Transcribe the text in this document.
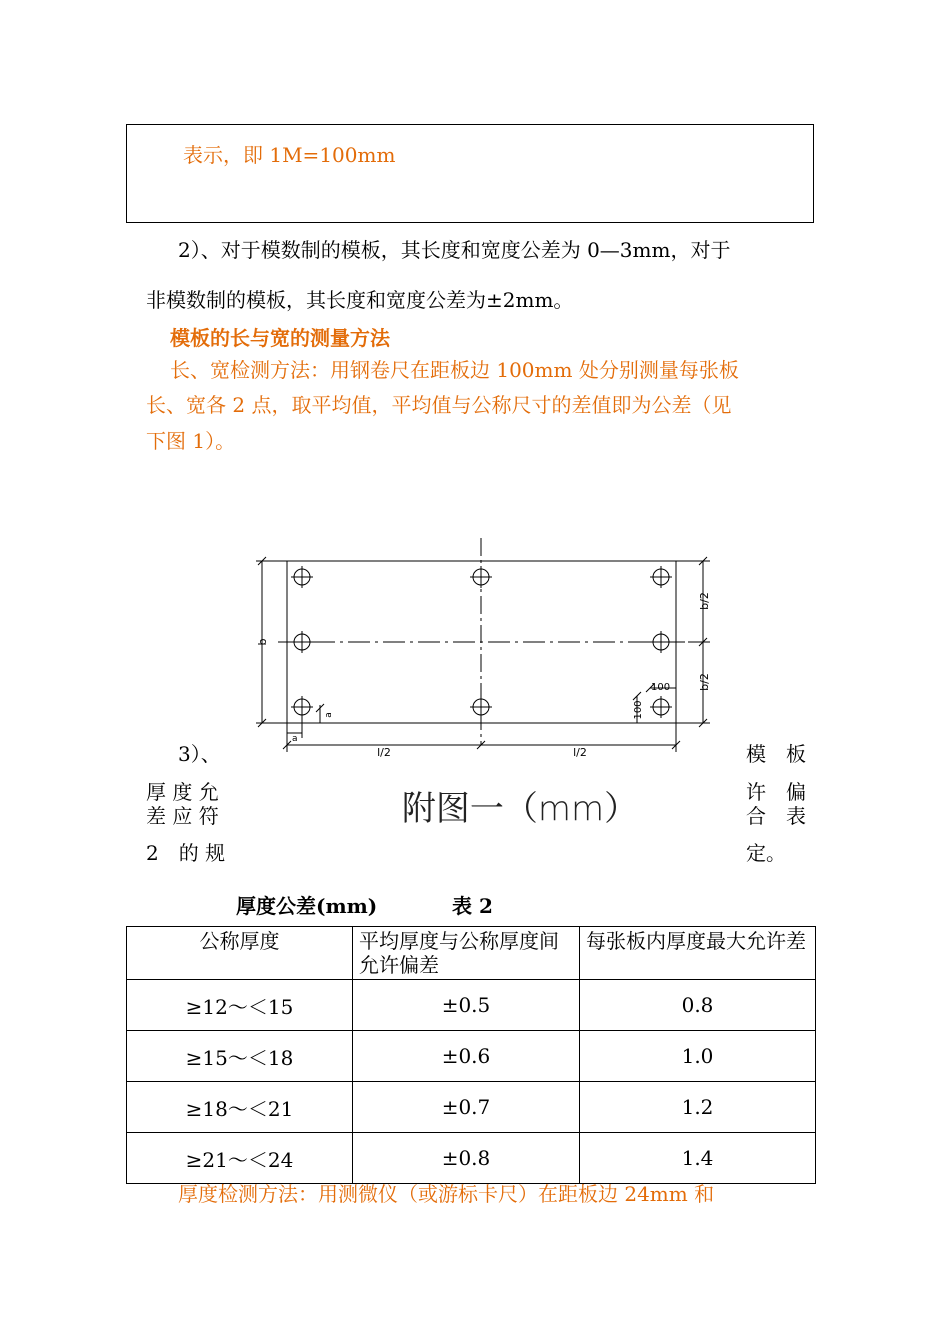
表示，即 1M=100mm
2）、对于模数制的模板，其长度和宽度公差为 0—3mm，对于
非模数制的模板，其长度和宽度公差为±2mm。
模板的长与宽的测量方法
长、宽检测方法：用钢卷尺在距板边 100mm 处分别测量每张板
长、宽各 2 点，取平均值，平均值与公称尺寸的差值即为公差（见
下图 1）。
b
b/2
b/2
100
100
a
a
l/2	l/2
附图一（mm）
3）、
厚 度 允
差 应 符
2　的 规
模　板
许　偏
合　表
定。
厚度公差(mm)	表 2
公称厚度	平均厚度与公称厚度间允许偏差	每张板内厚度最大允许差
≥12～＜15	±0.5	0.8
≥15～＜18	±0.6	1.0
≥18～＜21	±0.7	1.2
≥21～＜24	±0.8	1.4
厚度检测方法：用测微仪（或游标卡尺）在距板边 24mm 和
